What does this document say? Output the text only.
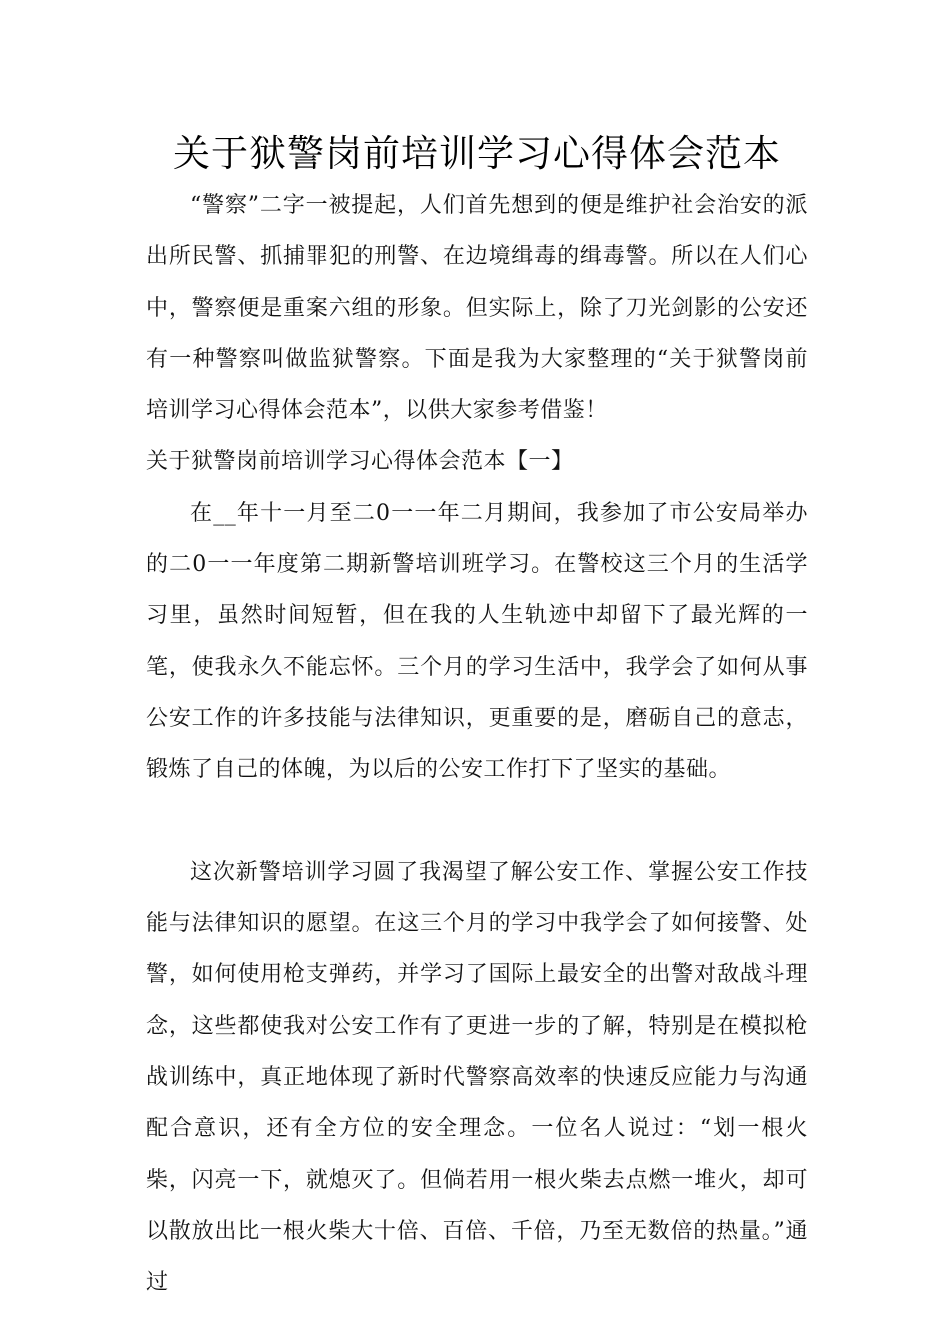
关于狱警岗前培训学习心得体会范本

“警察”二字一被提起，人们首先想到的便是维护社会治安的派出所民警、抓捕罪犯的刑警、在边境缉毒的缉毒警。所以在人们心中，警察便是重案六组的形象。但实际上，除了刀光剑影的公安还有一种警察叫做监狱警察。下面是我为大家整理的“关于狱警岗前培训学习心得体会范本”，以供大家参考借鉴！

关于狱警岗前培训学习心得体会范本【一】

在__年十一月至二0一一年二月期间，我参加了市公安局举办的二0一一年度第二期新警培训班学习。在警校这三个月的生活学习里，虽然时间短暂，但在我的人生轨迹中却留下了最光辉的一笔，使我永久不能忘怀。三个月的学习生活中，我学会了如何从事公安工作的许多技能与法律知识，更重要的是，磨砺自己的意志，锻炼了自己的体魄，为以后的公安工作打下了坚实的基础。

这次新警培训学习圆了我渴望了解公安工作、掌握公安工作技能与法律知识的愿望。在这三个月的学习中我学会了如何接警、处警，如何使用枪支弹药，并学习了国际上最安全的出警对敌战斗理念，这些都使我对公安工作有了更进一步的了解，特别是在模拟枪战训练中，真正地体现了新时代警察高效率的快速反应能力与沟通配合意识，还有全方位的安全理念。一位名人说过：“划一根火柴，闪亮一下，就熄灭了。但倘若用一根火柴去点燃一堆火，却可以散放出比一根火柴大十倍、百倍、千倍，乃至无数倍的热量。”通过
